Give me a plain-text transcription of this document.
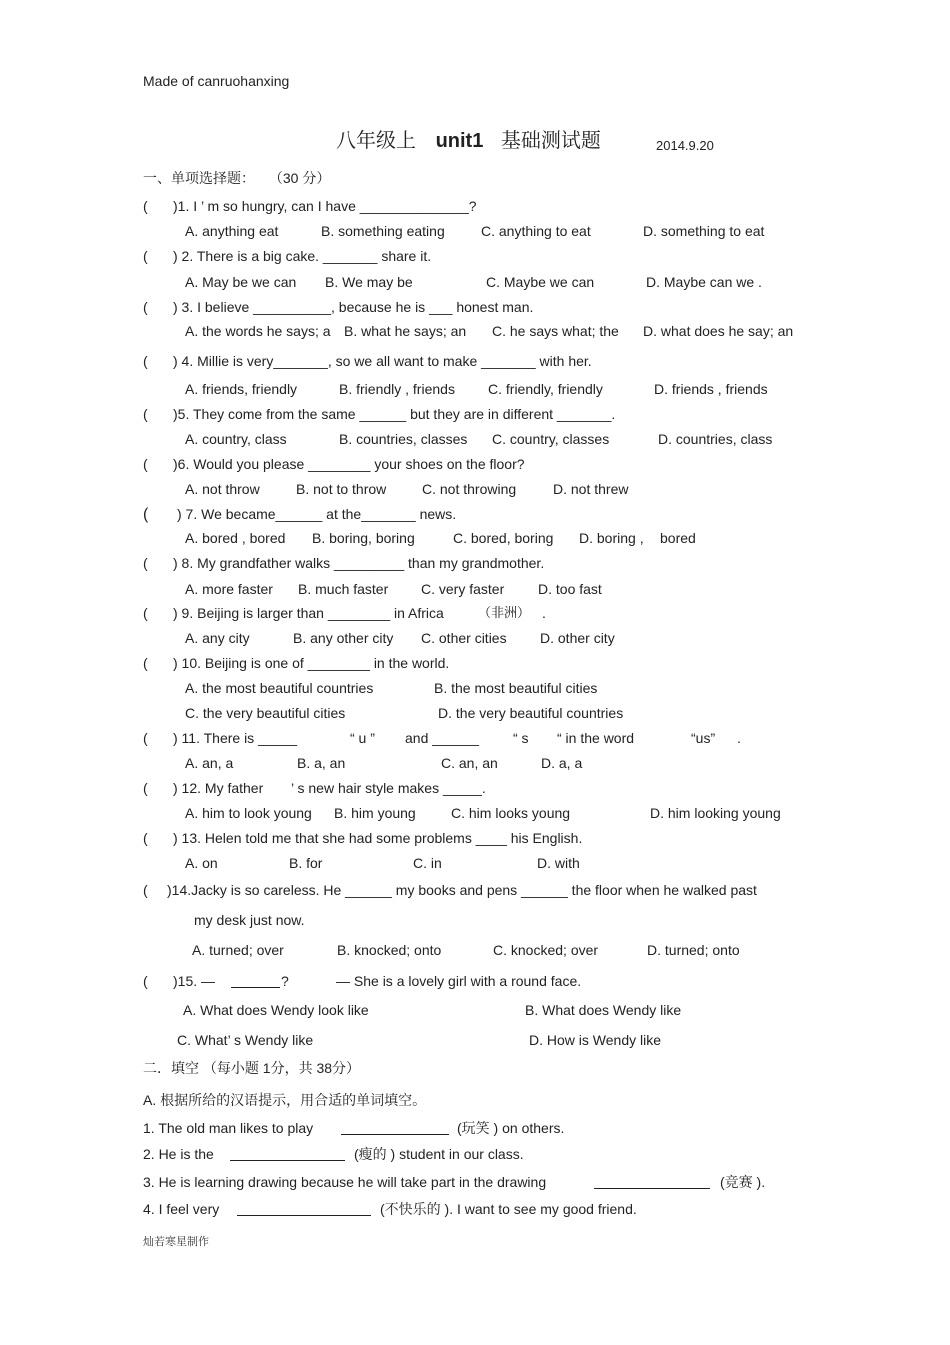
Made of canruohanxing
八年级上 unit1 基础测试题	2014.9.20
一、单项选择题： （30 分）
( )1. I ’ m so hungry, can I have ______________?
A. anything eat	B. something eating	C. anything to eat	D. something to eat
( ) 2. There is a big cake. _______ share it.
A. May be we can B. We may be	C. Maybe we can	D. Maybe can we .
( ) 3. I believe __________, because he is ___ honest man.
A. the words he says; a B. what he says; an C. he says what; the D. what does he say; an
( ) 4. Millie is very_______, so we all want to make _______ with her.
A. friends, friendly	B. friendly , friends C. friendly, friendly	D. friends , friends
( )5. They come from the same ______ but they are in different _______.
A. country, class	B. countries, classes C. country, classes	D. countries, class
( )6. Would you please ________ your shoes on the floor?
A. not throw	B. not to throw	C. not throwing	D. not threw
( ) 7. We became______ at the_______ news.
A. bored , bored B. boring, boring	C. bored, boring D. boring , bored
( ) 8. My grandfather walks _________ than my grandmother.
A. more faster B. much faster C. very faster D. too fast
( ) 9. Beijing is larger than ________ in Africa	（非洲） .
A. any city	B. any other city C. other cities D. other city
( ) 10. Beijing is one of ________ in the world.
A. the most beautiful countries	B. the most beautiful cities
C. the very beautiful cities	D. the very beautiful countries
( ) 11. There is _____	“ u ” and ______ “ s “ in the word	“us” .
A. an, a	B. a, an	C. an, an	D. a, a
( ) 12. My father ’ s new hair style makes _____.
A. him to look young B. him young	C. him looks young	D. him looking young
( ) 13. Helen told me that she had some problems ____ his English.
A. on	B. for	C. in	D. with
( )14.Jacky is so careless. He ______ my books and pens ______ the floor when he walked past
my desk just now.
A. turned; over	B. knocked; onto	C. knocked; over	D. turned; onto
( )15. —	?	— She is a lovely girl with a round face.
A. What does Wendy look like	B. What does Wendy like
C. What’ s Wendy like	D. How is Wendy like
二．填空 （每小题 1分，共 38分）
A. 根据所给的汉语提示，用合适的单词填空。
1. The old man likes to play	(玩笑 ) on others.
2. He is the	(瘦的 ) student in our class.
3. He is learning drawing because he will take part in the drawing	(竞赛 ).
4. I feel very	(不快乐的 ). I want to see my good friend.
灿若寒星制作
